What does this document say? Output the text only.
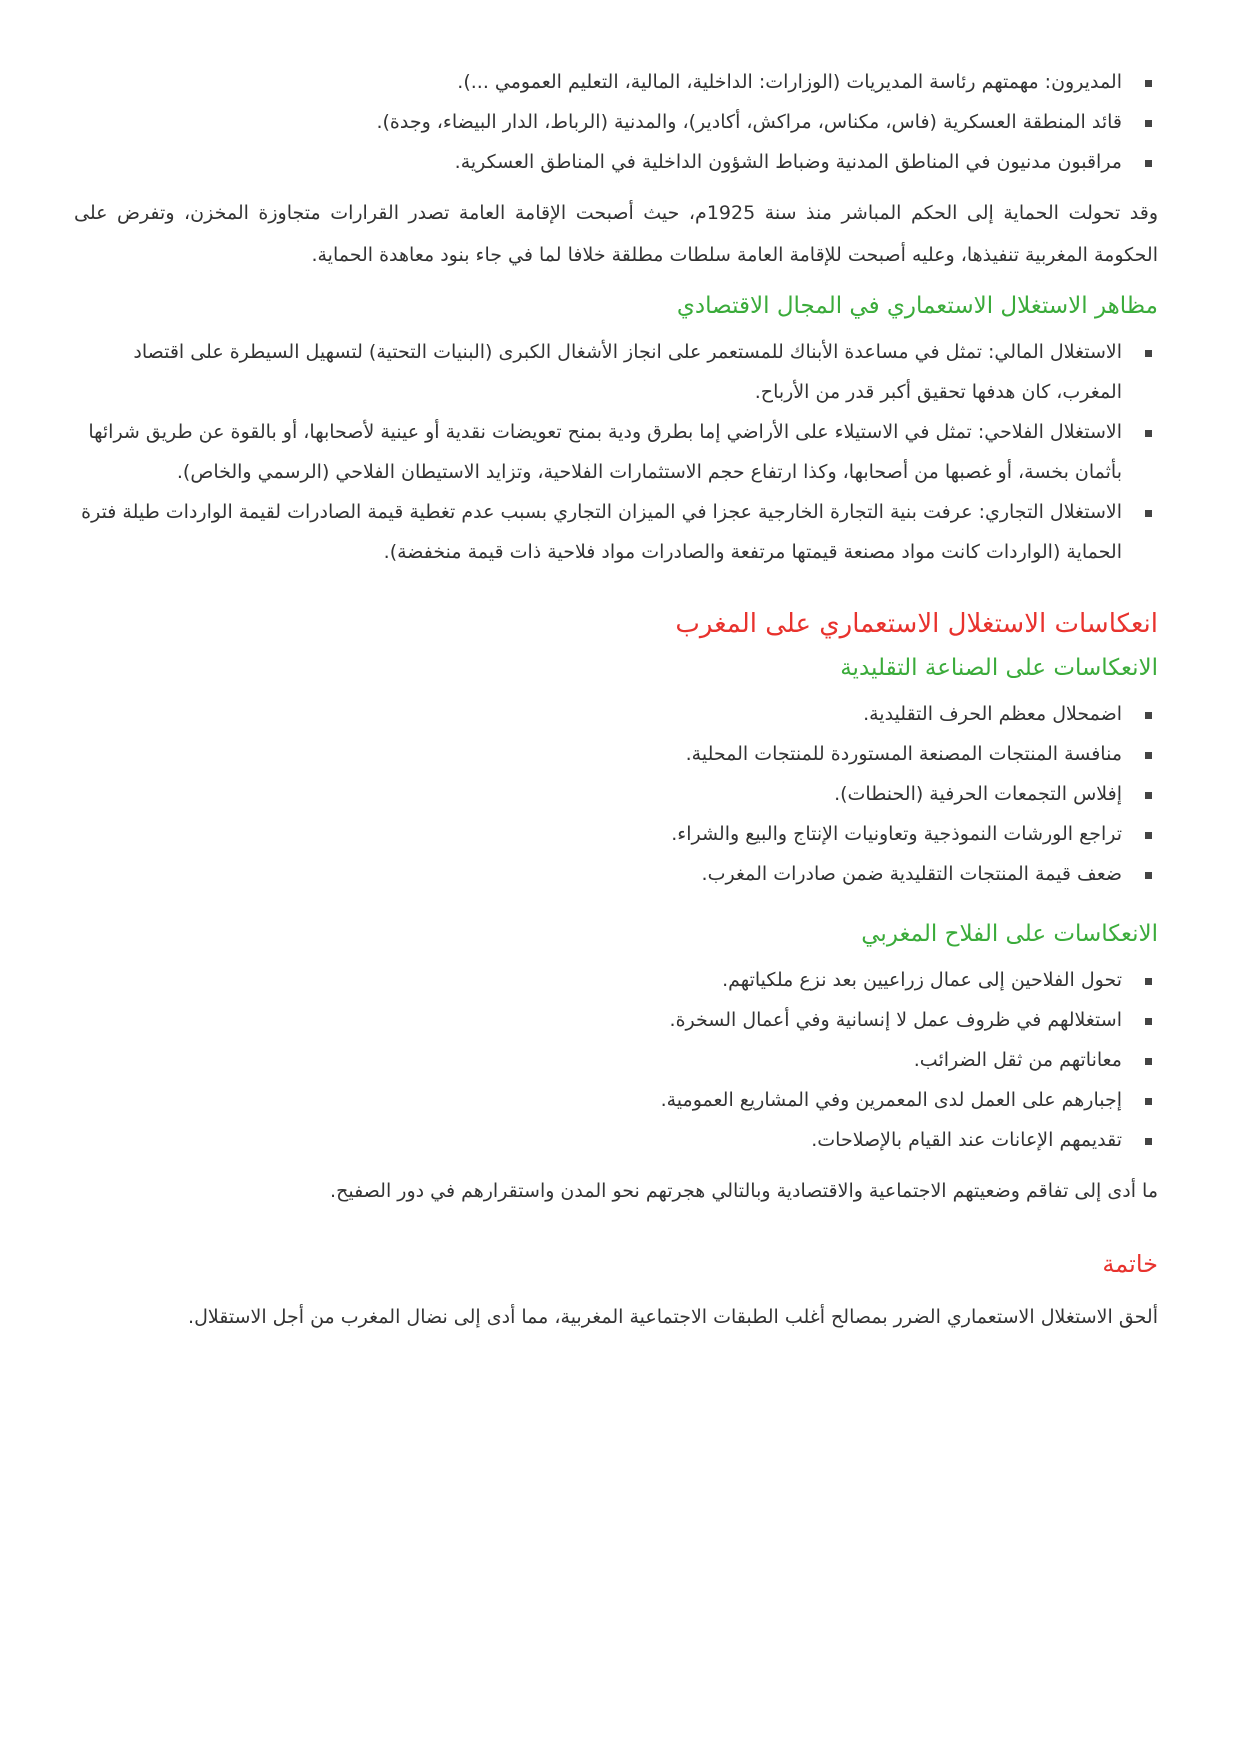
المديرون: مهمتهم رئاسة المديريات (الوزارات: الداخلية، المالية، التعليم العمومي ...).
قائد المنطقة العسكرية (فاس، مكناس، مراكش، أكادير)، والمدنية (الرباط، الدار البيضاء، وجدة).
مراقبون مدنيون في المناطق المدنية وضباط الشؤون الداخلية في المناطق العسكرية.

وقد تحولت الحماية إلى الحكم المباشر منذ سنة 1925م، حيث أصبحت الإقامة العامة تصدر القرارات متجاوزة المخزن، وتفرض على الحكومة المغربية تنفيذها، وعليه أصبحت للإقامة العامة سلطات مطلقة خلافا لما في جاء بنود معاهدة الحماية.

مظاهر الاستغلال الاستعماري في المجال الاقتصادي
الاستغلال المالي: تمثل في مساعدة الأبناك للمستعمر على انجاز الأشغال الكبرى (البنيات التحتية) لتسهيل السيطرة على اقتصاد المغرب، كان هدفها تحقيق أكبر قدر من الأرباح.
الاستغلال الفلاحي: تمثل في الاستيلاء على الأراضي إما بطرق ودية بمنح تعويضات نقدية أو عينية لأصحابها، أو بالقوة عن طريق شرائها بأثمان بخسة، أو غصبها من أصحابها، وكذا ارتفاع حجم الاستثمارات الفلاحية، وتزايد الاستيطان الفلاحي (الرسمي والخاص).
الاستغلال التجاري: عرفت بنية التجارة الخارجية عجزا في الميزان التجاري بسبب عدم تغطية قيمة الصادرات لقيمة الواردات طيلة فترة الحماية (الواردات كانت مواد مصنعة قيمتها مرتفعة والصادرات مواد فلاحية ذات قيمة منخفضة).
انعكاسات الاستغلال الاستعماري على المغرب
الانعكاسات على الصناعة التقليدية
اضمحلال معظم الحرف التقليدية.
منافسة المنتجات المصنعة المستوردة للمنتجات المحلية.
إفلاس التجمعات الحرفية (الحنطات).
تراجع الورشات النموذجية وتعاونيات الإنتاج والبيع والشراء.
ضعف قيمة المنتجات التقليدية ضمن صادرات المغرب.
الانعكاسات على الفلاح المغربي
تحول الفلاحين إلى عمال زراعيين بعد نزع ملكياتهم.
استغلالهم في ظروف عمل لا إنسانية وفي أعمال السخرة.
معاناتهم من ثقل الضرائب.
إجبارهم على العمل لدى المعمرين وفي المشاريع العمومية.
تقديمهم الإعانات عند القيام بالإصلاحات.

ما أدى إلى تفاقم وضعيتهم الاجتماعية والاقتصادية وبالتالي هجرتهم نحو المدن واستقرارهم في دور الصفيح.

خاتمة

ألحق الاستغلال الاستعماري الضرر بمصالح أغلب الطبقات الاجتماعية المغربية، مما أدى إلى نضال المغرب من أجل الاستقلال.
